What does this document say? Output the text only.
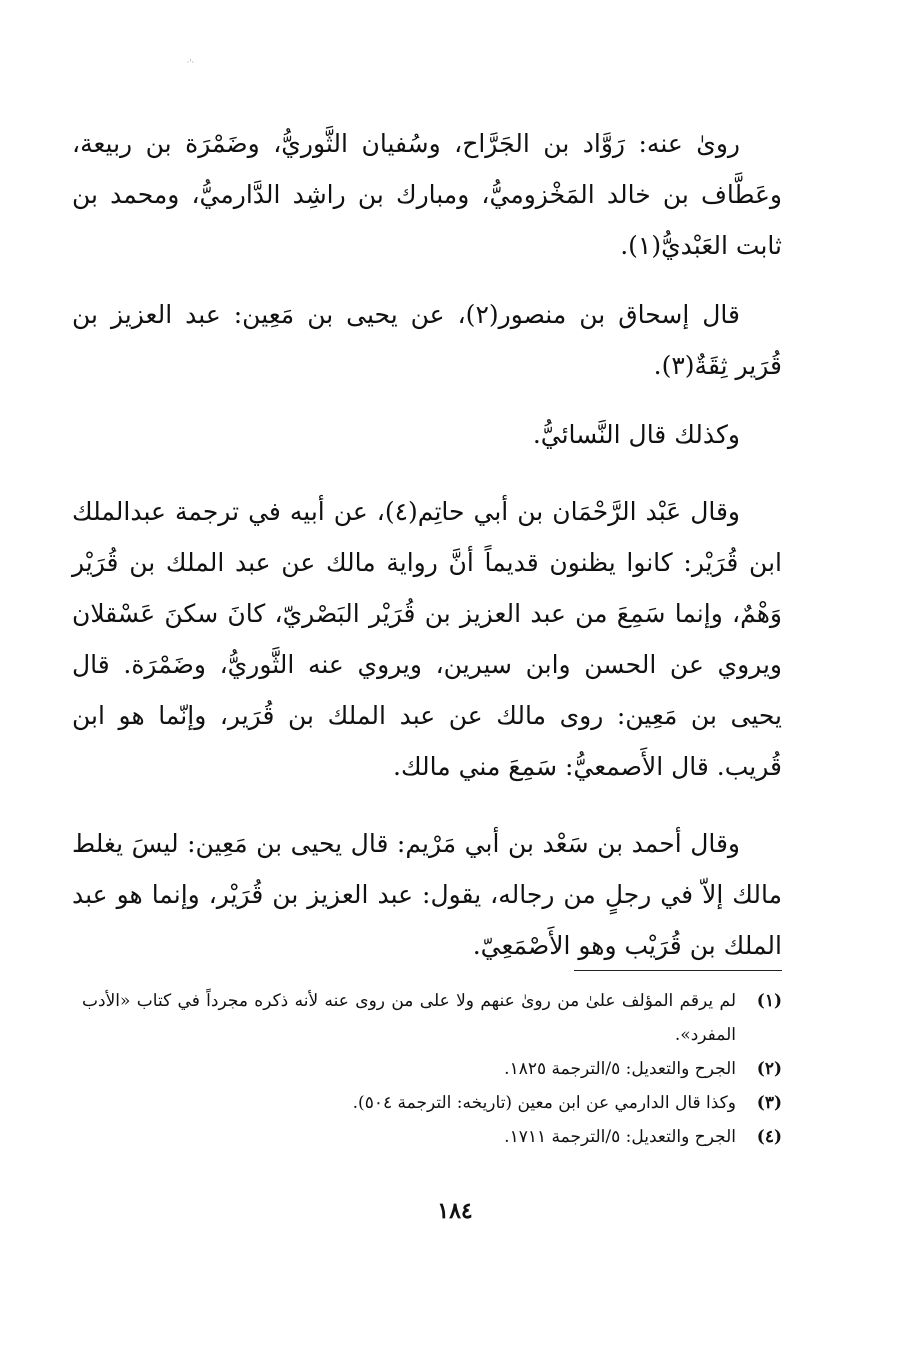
·'·

روىٰ عنه: رَوَّاد بن الجَرَّاح، وسُفيان الثَّوريُّ، وضَمْرَة بن ربيعة، وعَطَّاف بن خالد المَخْزوميُّ، ومبارك بن راشِد الدَّارميُّ، ومحمد بن ثابت العَبْديُّ(١).

قال إسحاق بن منصور(٢)، عن يحيى بن مَعِين: عبد العزيز بن قُرَير ثِقَةٌ(٣).

وكذلك قال النَّسائيُّ.

وقال عَبْد الرَّحْمَان بن أبي حاتِم(٤)، عن أبيه في ترجمة عبدالملك ابن قُرَيْر: كانوا يظنون قديماً أنَّ رواية مالك عن عبد الملك بن قُرَيْر وَهْمٌ، وإنما سَمِعَ من عبد العزيز بن قُرَيْر البَصْريّ، كانَ سكنَ عَسْقلان ويروي عن الحسن وابن سيرين، ويروي عنه الثَّوريُّ، وضَمْرَة. قال يحيى بن مَعِين: روى مالك عن عبد الملك بن قُرَير، وإنّما هو ابن قُريب. قال الأَصمعيُّ: سَمِعَ مني مالك.

وقال أحمد بن سَعْد بن أبي مَرْيم: قال يحيى بن مَعِين: ليسَ يغلط مالك إلاّ في رجلٍ من رجاله، يقول: عبد العزيز بن قُرَيْر، وإنما هو عبد الملك بن قُرَيْب وهو الأَصْمَعِيّ.

(١)
لم يرقم المؤلف علىٰ من روىٰ عنهم ولا على من روى عنه لأنه ذكره مجرداً في كتاب «الأدب المفرد».
(٢)
الجرح والتعديل: ٥/الترجمة ١٨٢٥.
(٣)
وكذا قال الدارمي عن ابن معين (تاريخه: الترجمة ٥٠٤).
(٤)
الجرح والتعديل: ٥/الترجمة ١٧١١.
١٨٤
